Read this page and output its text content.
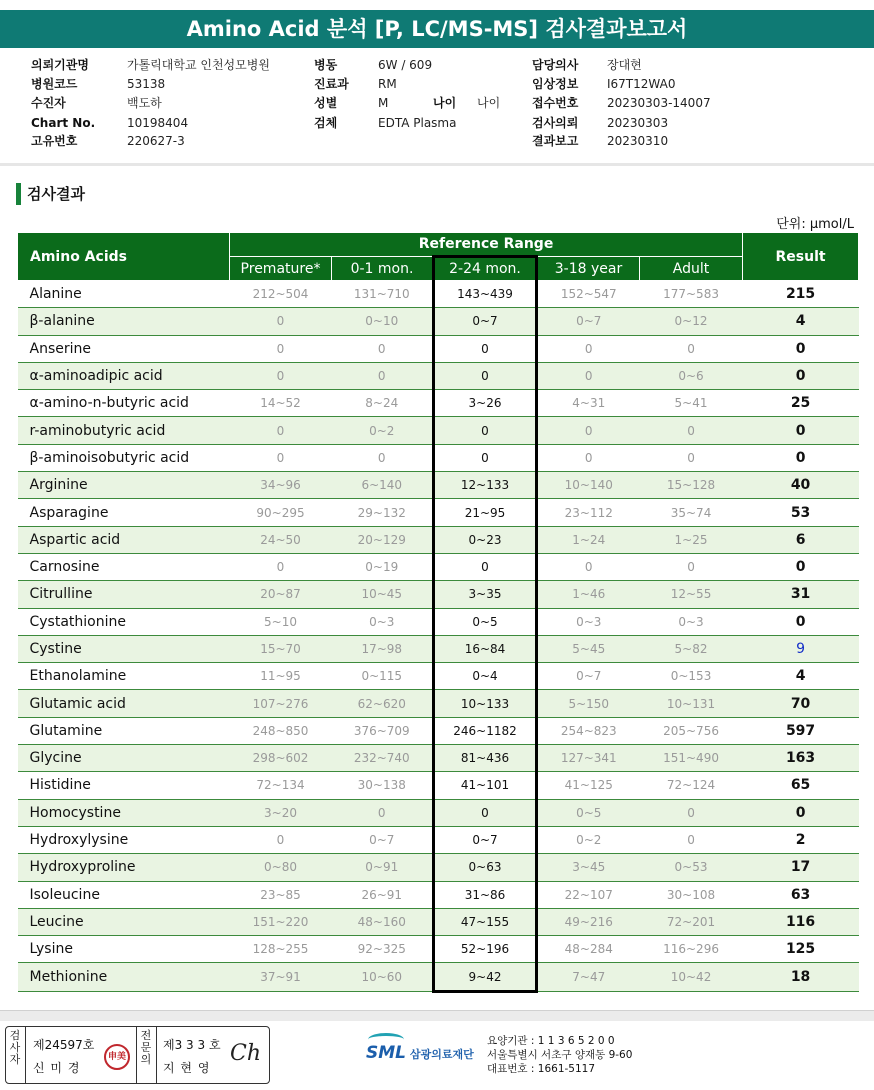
Amino Acid 분석 [P, LC/MS-MS] 검사결과보고서
의뢰기관명	가톨릭대학교 인천성모병원	병동	6W / 609	담당의사 장대현
병원코드	53138	진료과 RM	임상정보 I67T12WA0
수진자	백도하	성별	M	나이 나이	접수번호 20230303-14007
Chart No.	10198404	검체	EDTA Plasma	검사의뢰 20230303
고유번호	220627-3	결과보고 20230310
검사결과
단위: µmol/L
Amino Acids	Reference Range					Result
	Premature*	0-1 mon.	2-24 mon.	3-18 year	Adult	
Alanine	212~504	131~710	143~439	152~547	177~583	215
β-alanine	0	0~10	0~7	0~7	0~12	4
Anserine	0	0	0	0	0	0
α-aminoadipic acid	0	0	0	0	0~6	0
α-amino-n-butyric acid	14~52	8~24	3~26	4~31	5~41	25
r-aminobutyric acid	0	0~2	0	0	0	0
β-aminoisobutyric acid	0	0	0	0	0	0
Arginine	34~96	6~140	12~133	10~140	15~128	40
Asparagine	90~295	29~132	21~95	23~112	35~74	53
Aspartic acid	24~50	20~129	0~23	1~24	1~25	6
Carnosine	0	0~19	0	0	0	0
Citrulline	20~87	10~45	3~35	1~46	12~55	31
Cystathionine	5~10	0~3	0~5	0~3	0~3	0
Cystine	15~70	17~98	16~84	5~45	5~82	9
Ethanolamine	11~95	0~115	0~4	0~7	0~153	4
Glutamic acid	107~276	62~620	10~133	5~150	10~131	70
Glutamine	248~850	376~709	246~1182	254~823	205~756	597
Glycine	298~602	232~740	81~436	127~341	151~490	163
Histidine	72~134	30~138	41~101	41~125	72~124	65
Homocystine	3~20	0	0	0~5	0	0
Hydroxylysine	0	0~7	0~7	0~2	0	2
Hydroxyproline	0~80	0~91	0~63	3~45	0~53	17
Isoleucine	23~85	26~91	31~86	22~107	30~108	63
Leucine	151~220	48~160	47~155	49~216	72~201	116
Lysine	128~255	92~325	52~196	48~284	116~296	125
Methionine	37~91	10~60	9~42	7~47	10~42	18
검사자
제24597호
신 미 경
申美
전문의
제3 3 3 호
지 현 영
Ch	SML 삼광의료재단
요양기관 : 1 1 3 6 5 2 0 0
서울특별시 서초구 양재동 9-60
대표번호 : 1661-5117
